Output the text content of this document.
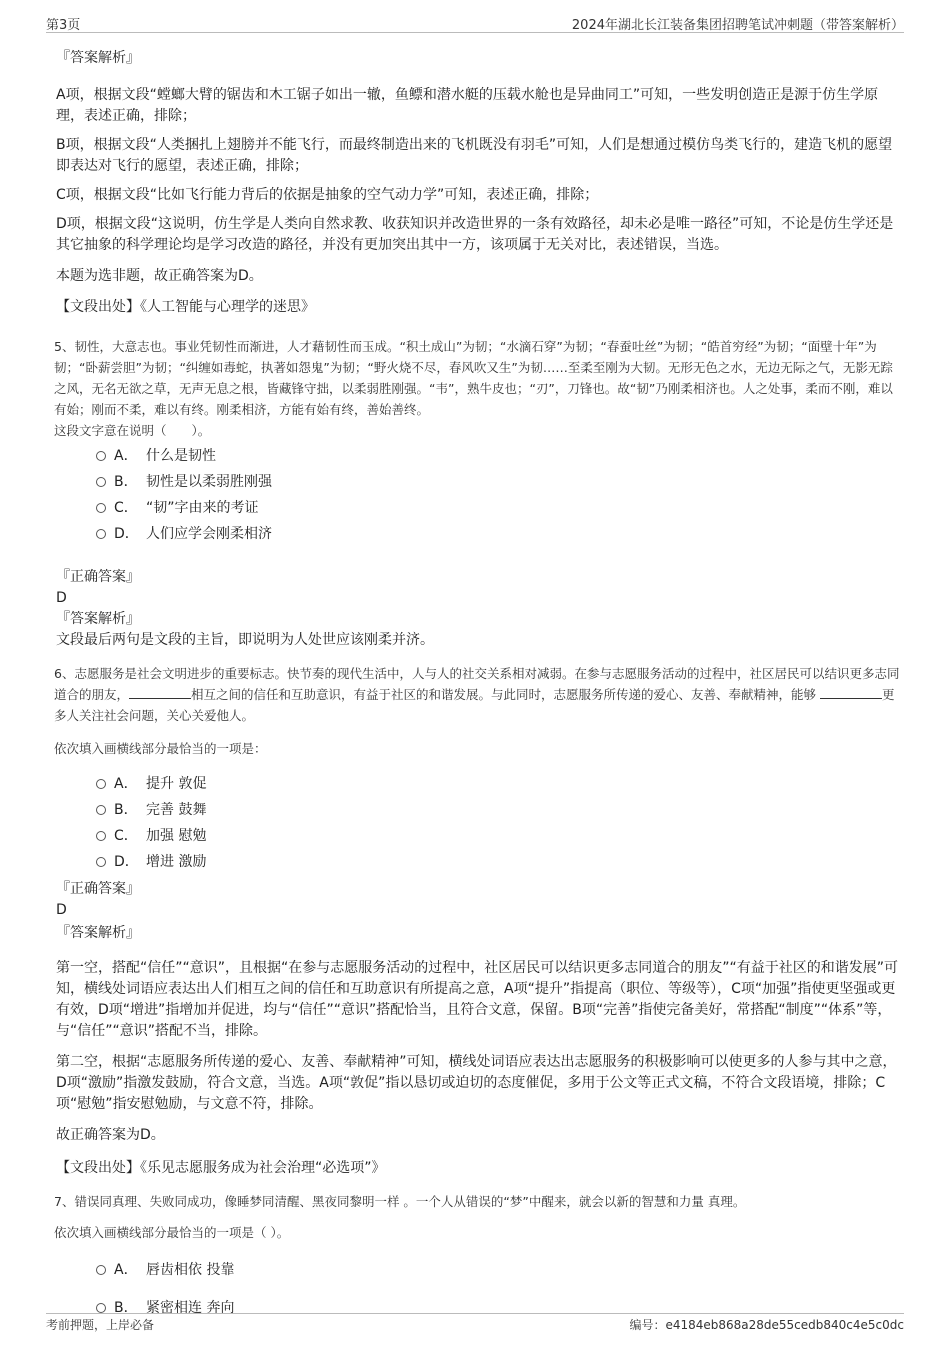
第3页	2024年湖北长江装备集团招聘笔试冲刺题（带答案解析）

『答案解析』

A项，根据文段“螳螂大臂的锯齿和木工锯子如出一辙，鱼鳔和潜水艇的压载水舱也是异曲同工”可知，一些发明创造正是源于仿生学原理，表述正确，排除；

B项，根据文段“人类捆扎上翅膀并不能飞行，而最终制造出来的飞机既没有羽毛”可知，人们是想通过模仿鸟类飞行的，建造飞机的愿望即表达对飞行的愿望，表述正确，排除；

C项，根据文段“比如飞行能力背后的依据是抽象的空气动力学”可知，表述正确，排除；

D项，根据文段“这说明，仿生学是人类向自然求教、收获知识并改造世界的一条有效路径，却未必是唯一路径”可知，不论是仿生学还是其它抽象的科学理论均是学习改造的路径，并没有更加突出其中一方，该项属于无关对比，表述错误，当选。

本题为选非题，故正确答案为D。

【文段出处】《人工智能与心理学的迷思》

5、韧性，大意志也。事业凭韧性而渐进，人才藉韧性而玉成。“积土成山”为韧；“水滴石穿”为韧；“春蚕吐丝”为韧；“皓首穷经”为韧；“面壁十年”为韧；“卧薪尝胆”为韧；“纠缠如毒蛇，执著如怨鬼”为韧；“野火烧不尽，春风吹又生”为韧……至柔至刚为大韧。无形无色之水，无边无际之气，无影无踪之风，无名无欲之草，无声无息之根，皆藏锋守拙，以柔弱胜刚强。“韦”，熟牛皮也；“刃”，刀锋也。故“韧”乃刚柔相济也。人之处事，柔而不刚，难以有始；刚而不柔，难以有终。刚柔相济，方能有始有终，善始善终。

这段文字意在说明（　　）。

A． 什么是韧性
B． 韧性是以柔弱胜刚强
C． “韧”字由来的考证
D． 人们应学会刚柔相济

『正确答案』

D

『答案解析』

文段最后两句是文段的主旨，即说明为人处世应该刚柔并济。

6、志愿服务是社会文明进步的重要标志。快节奏的现代生活中，人与人的社交关系相对减弱。在参与志愿服务活动的过程中，社区居民可以结识更多志同道合的朋友，	相互之间的信任和互助意识，有益于社区的和谐发展。与此同时，志愿服务所传递的爱心、友善、奉献精神，能够	更多人关注社会问题，关心关爱他人。

依次填入画横线部分最恰当的一项是：

A． 提升 敦促
B． 完善 鼓舞
C． 加强 慰勉
D． 增进 激励

『正确答案』

D

『答案解析』

第一空，搭配“信任”“意识”，且根据“在参与志愿服务活动的过程中，社区居民可以结识更多志同道合的朋友”“有益于社区的和谐发展”可知，横线处词语应表达出人们相互之间的信任和互助意识有所提高之意，A项“提升”指提高（职位、等级等），C项“加强”指使更坚强或更有效，D项“增进”指增加并促进，均与“信任”“意识”搭配恰当，且符合文意，保留。B项“完善”指使完备美好，常搭配“制度”“体系”等，与“信任”“意识”搭配不当，排除。

第二空，根据“志愿服务所传递的爱心、友善、奉献精神”可知，横线处词语应表达出志愿服务的积极影响可以使更多的人参与其中之意，D项“激励”指激发鼓励，符合文意，当选。A项“敦促”指以恳切或迫切的态度催促，多用于公文等正式文稿，不符合文段语境，排除；C项“慰勉”指安慰勉励，与文意不符，排除。

故正确答案为D。

【文段出处】《乐见志愿服务成为社会治理“必选项”》

7、错误同真理、失败同成功，像睡梦同清醒、黑夜同黎明一样 。一个人从错误的“梦”中醒来，就会以新的智慧和力量 真理。

依次填入画横线部分最恰当的一项是（ ）。

A． 唇齿相依 投靠
B． 紧密相连 奔向
考前押题，上岸必备	编号：e4184eb868a28de55cedb840c4e5c0dc
